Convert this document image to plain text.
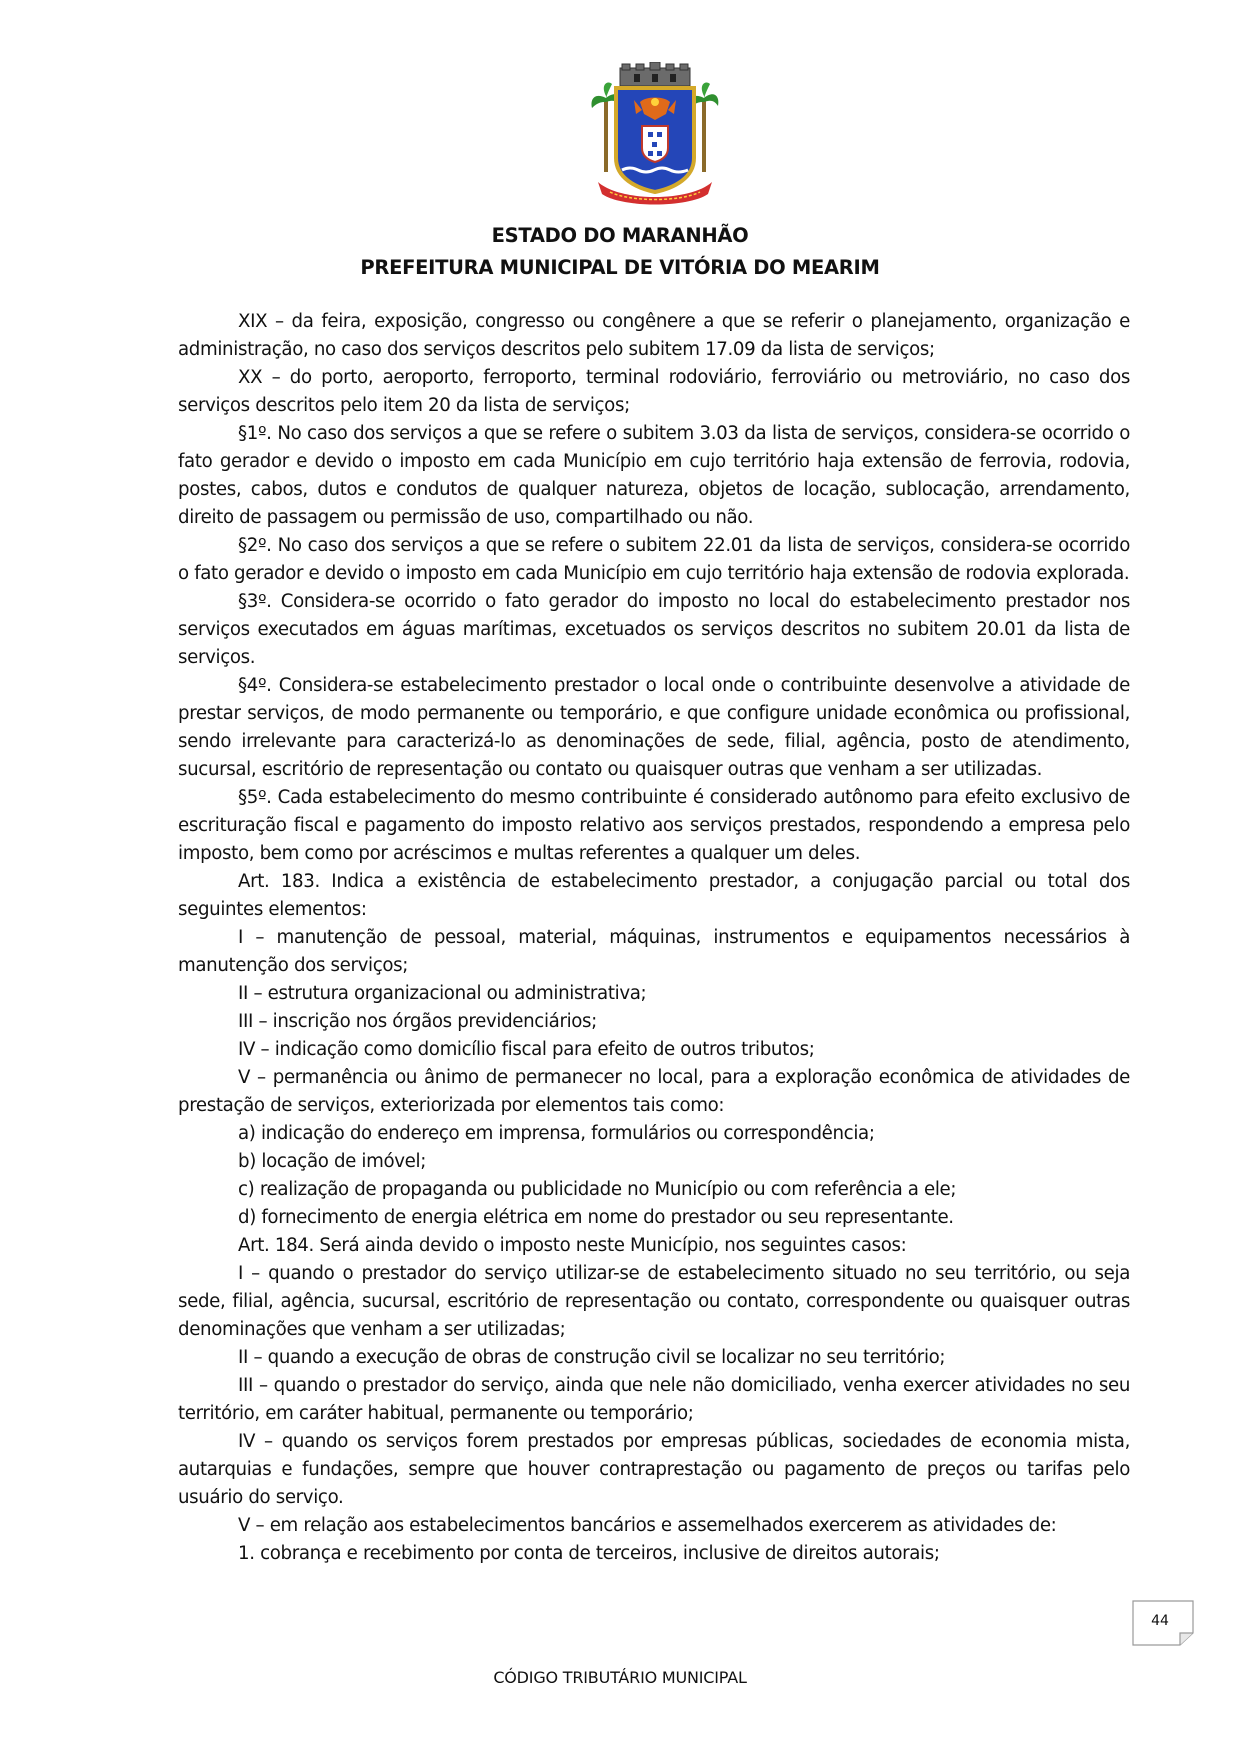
ESTADO DO MARANHÃO
PREFEITURA MUNICIPAL DE VITÓRIA DO MEARIM

XIX – da feira, exposição, congresso ou congênere a que se referir o planejamento, organização e administração, no caso dos serviços descritos pelo subitem 17.09 da lista de serviços;

XX – do porto, aeroporto, ferroporto, terminal rodoviário, ferroviário ou metroviário, no caso dos serviços descritos pelo item 20 da lista de serviços;

§1º. No caso dos serviços a que se refere o subitem 3.03 da lista de serviços, considera-se ocorrido o fato gerador e devido o imposto em cada Município em cujo território haja extensão de ferrovia, rodovia, postes, cabos, dutos e condutos de qualquer natureza, objetos de locação, sublocação, arrendamento, direito de passagem ou permissão de uso, compartilhado ou não.

§2º. No caso dos serviços a que se refere o subitem 22.01 da lista de serviços, considera-se ocorrido o fato gerador e devido o imposto em cada Município em cujo território haja extensão de rodovia explorada.

§3º. Considera-se ocorrido o fato gerador do imposto no local do estabelecimento prestador nos serviços executados em águas marítimas, excetuados os serviços descritos no subitem 20.01 da lista de serviços.

§4º. Considera-se estabelecimento prestador o local onde o contribuinte desenvolve a atividade de prestar serviços, de modo permanente ou temporário, e que configure unidade econômica ou profissional, sendo irrelevante para caracterizá-lo as denominações de sede, filial, agência, posto de atendimento, sucursal, escritório de representação ou contato ou quaisquer outras que venham a ser utilizadas.

§5º. Cada estabelecimento do mesmo contribuinte é considerado autônomo para efeito exclusivo de escrituração fiscal e pagamento do imposto relativo aos serviços prestados, respondendo a empresa pelo imposto, bem como por acréscimos e multas referentes a qualquer um deles.

Art. 183. Indica a existência de estabelecimento prestador, a conjugação parcial ou total dos seguintes elementos:

I – manutenção de pessoal, material, máquinas, instrumentos e equipamentos necessários à manutenção dos serviços;

II – estrutura organizacional ou administrativa;

III – inscrição nos órgãos previdenciários;

IV – indicação como domicílio fiscal para efeito de outros tributos;

V – permanência ou ânimo de permanecer no local, para a exploração econômica de atividades de prestação de serviços, exteriorizada por elementos tais como:

a) indicação do endereço em imprensa, formulários ou correspondência;

b) locação de imóvel;

c) realização de propaganda ou publicidade no Município ou com referência a ele;

d) fornecimento de energia elétrica em nome do prestador ou seu representante.

Art. 184. Será ainda devido o imposto neste Município, nos seguintes casos:

I – quando o prestador do serviço utilizar-se de estabelecimento situado no seu território, ou seja sede, filial, agência, sucursal, escritório de representação ou contato, correspondente ou quaisquer outras denominações que venham a ser utilizadas;

II – quando a execução de obras de construção civil se localizar no seu território;

III – quando o prestador do serviço, ainda que nele não domiciliado, venha exercer atividades no seu território, em caráter habitual, permanente ou temporário;

IV – quando os serviços forem prestados por empresas públicas, sociedades de economia mista, autarquias e fundações, sempre que houver contraprestação ou pagamento de preços ou tarifas pelo usuário do serviço.

V – em relação aos estabelecimentos bancários e assemelhados exercerem as atividades de:

1. cobrança e recebimento por conta de terceiros, inclusive de direitos autorais;

44
CÓDIGO TRIBUTÁRIO MUNICIPAL
